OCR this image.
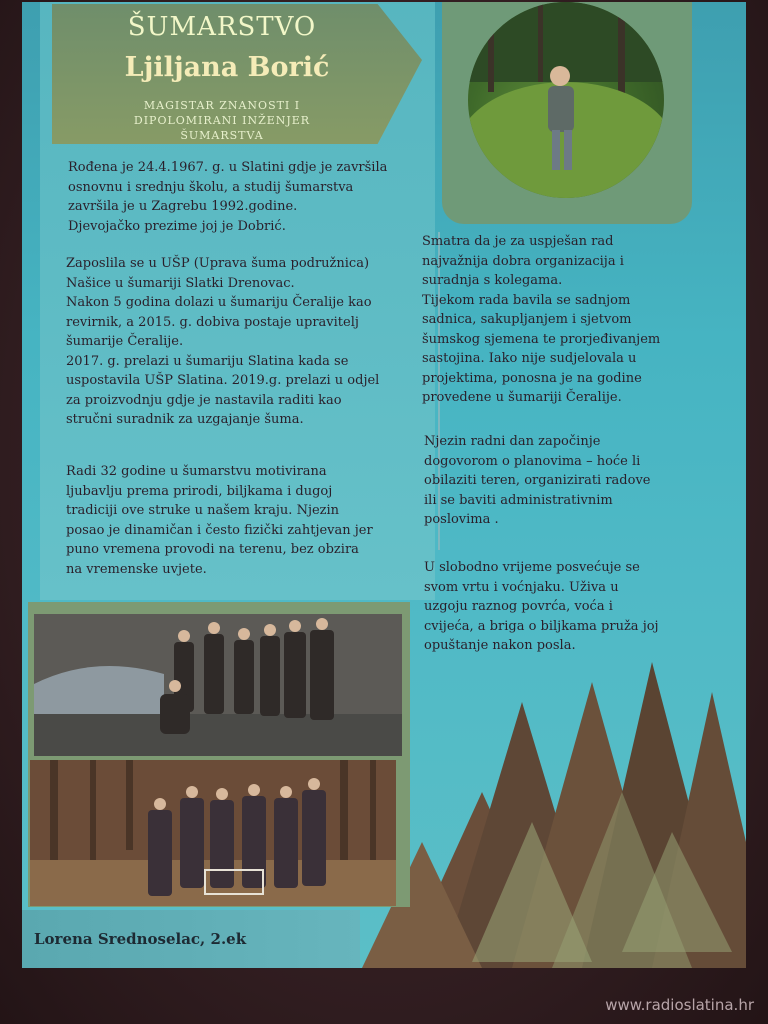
ŠUMARSTVO
Ljiljana Borić
MAGISTAR ZNANOSTI I
DIPOLOMIRANI INŽENJER
ŠUMARSTVA
Rođena je 24.4.1967. g. u Slatini gdje je završila
osnovnu i srednju školu, a studij šumarstva
završila je u Zagrebu 1992.godine.
Djevojačko prezime joj je Dobrić.
Zaposlila se u UŠP (Uprava šuma podružnica)
Našice u šumariji Slatki Drenovac.
Nakon 5 godina dolazi u šumariju Čeralije kao
revirnik, a 2015. g. dobiva postaje upravitelj
šumarije Čeralije.
2017. g. prelazi u šumariju Slatina kada se
uspostavila UŠP Slatina. 2019.g. prelazi u odjel
za proizvodnju gdje je nastavila raditi kao
stručni suradnik za uzgajanje šuma.
Radi 32 godine u šumarstvu motivirana
ljubavlju prema prirodi, biljkama i dugoj
tradiciji ove struke u našem kraju. Njezin
posao je dinamičan i često fizički zahtjevan jer
puno vremena provodi na terenu, bez obzira
na vremenske uvjete.
Smatra da je za uspješan rad
najvažnija dobra organizacija i
suradnja s kolegama.
Tijekom rada bavila se sadnjom
sadnica, sakupljanjem i sjetvom
šumskog sjemena te prorjeđivanjem
sastojina. Iako nije sudjelovala u
projektima, ponosna je na godine
provedene u šumariji Čeralije.
Njezin radni dan započinje
dogovorom o planovima – hoće li
obilaziti teren, organizirati radove
ili se baviti administrativnim
poslovima .
U slobodno vrijeme posvećuje se
svom vrtu i voćnjaku. Uživa u
uzgoju raznog povrća, voća i
cvijeća, a briga o biljkama pruža joj
opuštanje nakon posla.
Lorena Srednoselac, 2.ek
www.radioslatina.hr
